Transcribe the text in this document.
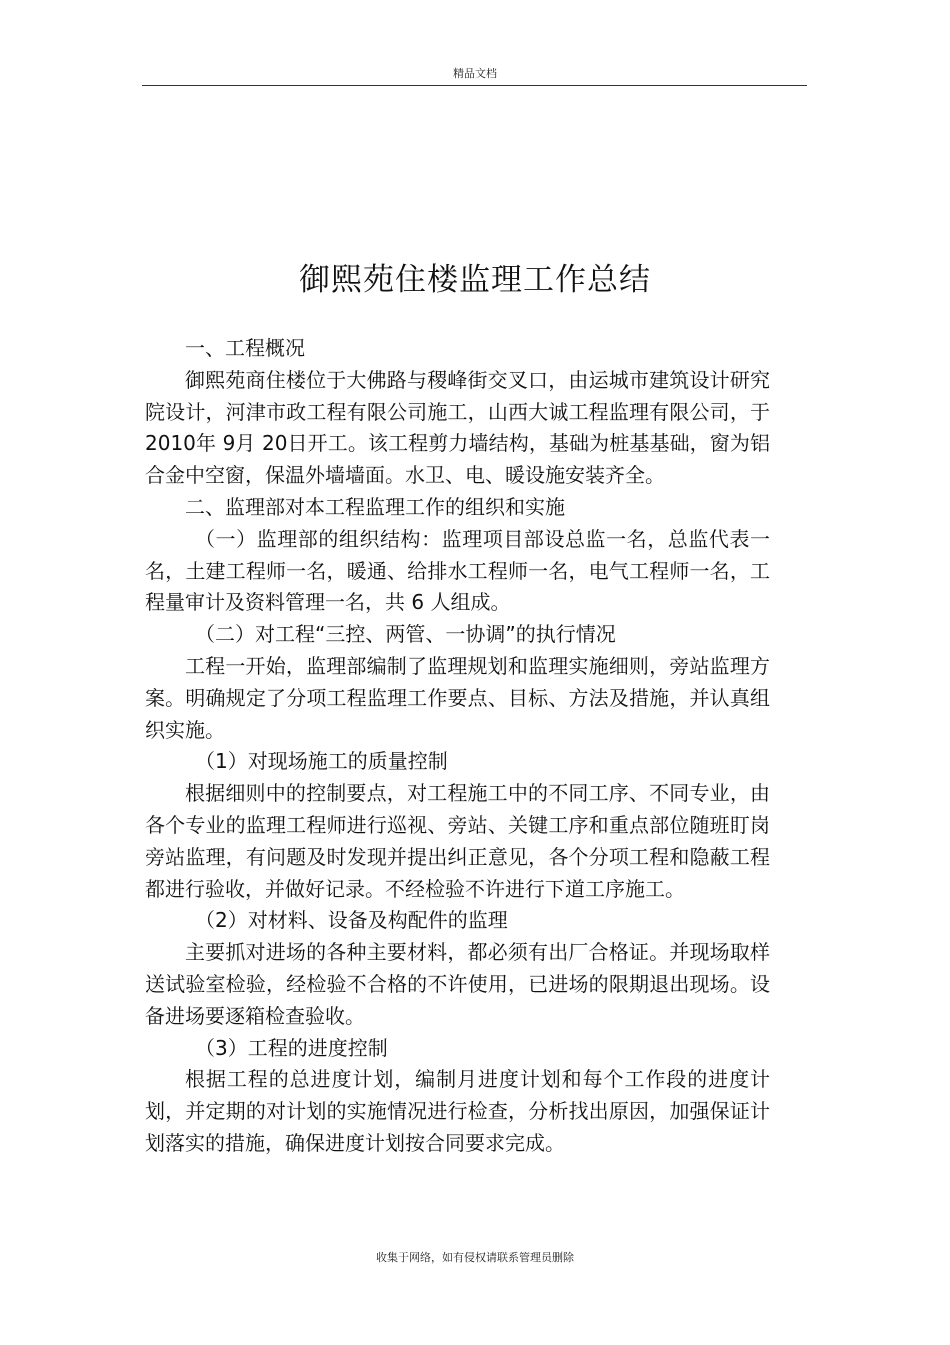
精品文档
御熙苑住楼监理工作总结

一、工程概况

御熙苑商住楼位于大佛路与稷峰街交叉口，由运城市建筑设计研究院设计，河津市政工程有限公司施工，山西大诚工程监理有限公司，于 2010年 9月 20日开工。该工程剪力墙结构，基础为桩基基础，窗为铝合金中空窗，保温外墙墙面。水卫、电、暖设施安装齐全。

二、监理部对本工程监理工作的组织和实施

（一）监理部的组织结构：监理项目部设总监一名，总监代表一名，土建工程师一名，暖通、给排水工程师一名，电气工程师一名，工程量审计及资料管理一名，共 6 人组成。

（二）对工程“三控、两管、一协调”的执行情况

工程一开始，监理部编制了监理规划和监理实施细则，旁站监理方案。明确规定了分项工程监理工作要点、目标、方法及措施，并认真组织实施。

（1）对现场施工的质量控制

根据细则中的控制要点，对工程施工中的不同工序、不同专业，由各个专业的监理工程师进行巡视、旁站、关键工序和重点部位随班盯岗旁站监理，有问题及时发现并提出纠正意见，各个分项工程和隐蔽工程都进行验收，并做好记录。不经检验不许进行下道工序施工。

（2）对材料、设备及构配件的监理

主要抓对进场的各种主要材料，都必须有出厂合格证。并现场取样送试验室检验，经检验不合格的不许使用，已进场的限期退出现场。设备进场要逐箱检查验收。

（3）工程的进度控制

根据工程的总进度计划，编制月进度计划和每个工作段的进度计划，并定期的对计划的实施情况进行检查，分析找出原因，加强保证计划落实的措施，确保进度计划按合同要求完成。

收集于网络，如有侵权请联系管理员删除
